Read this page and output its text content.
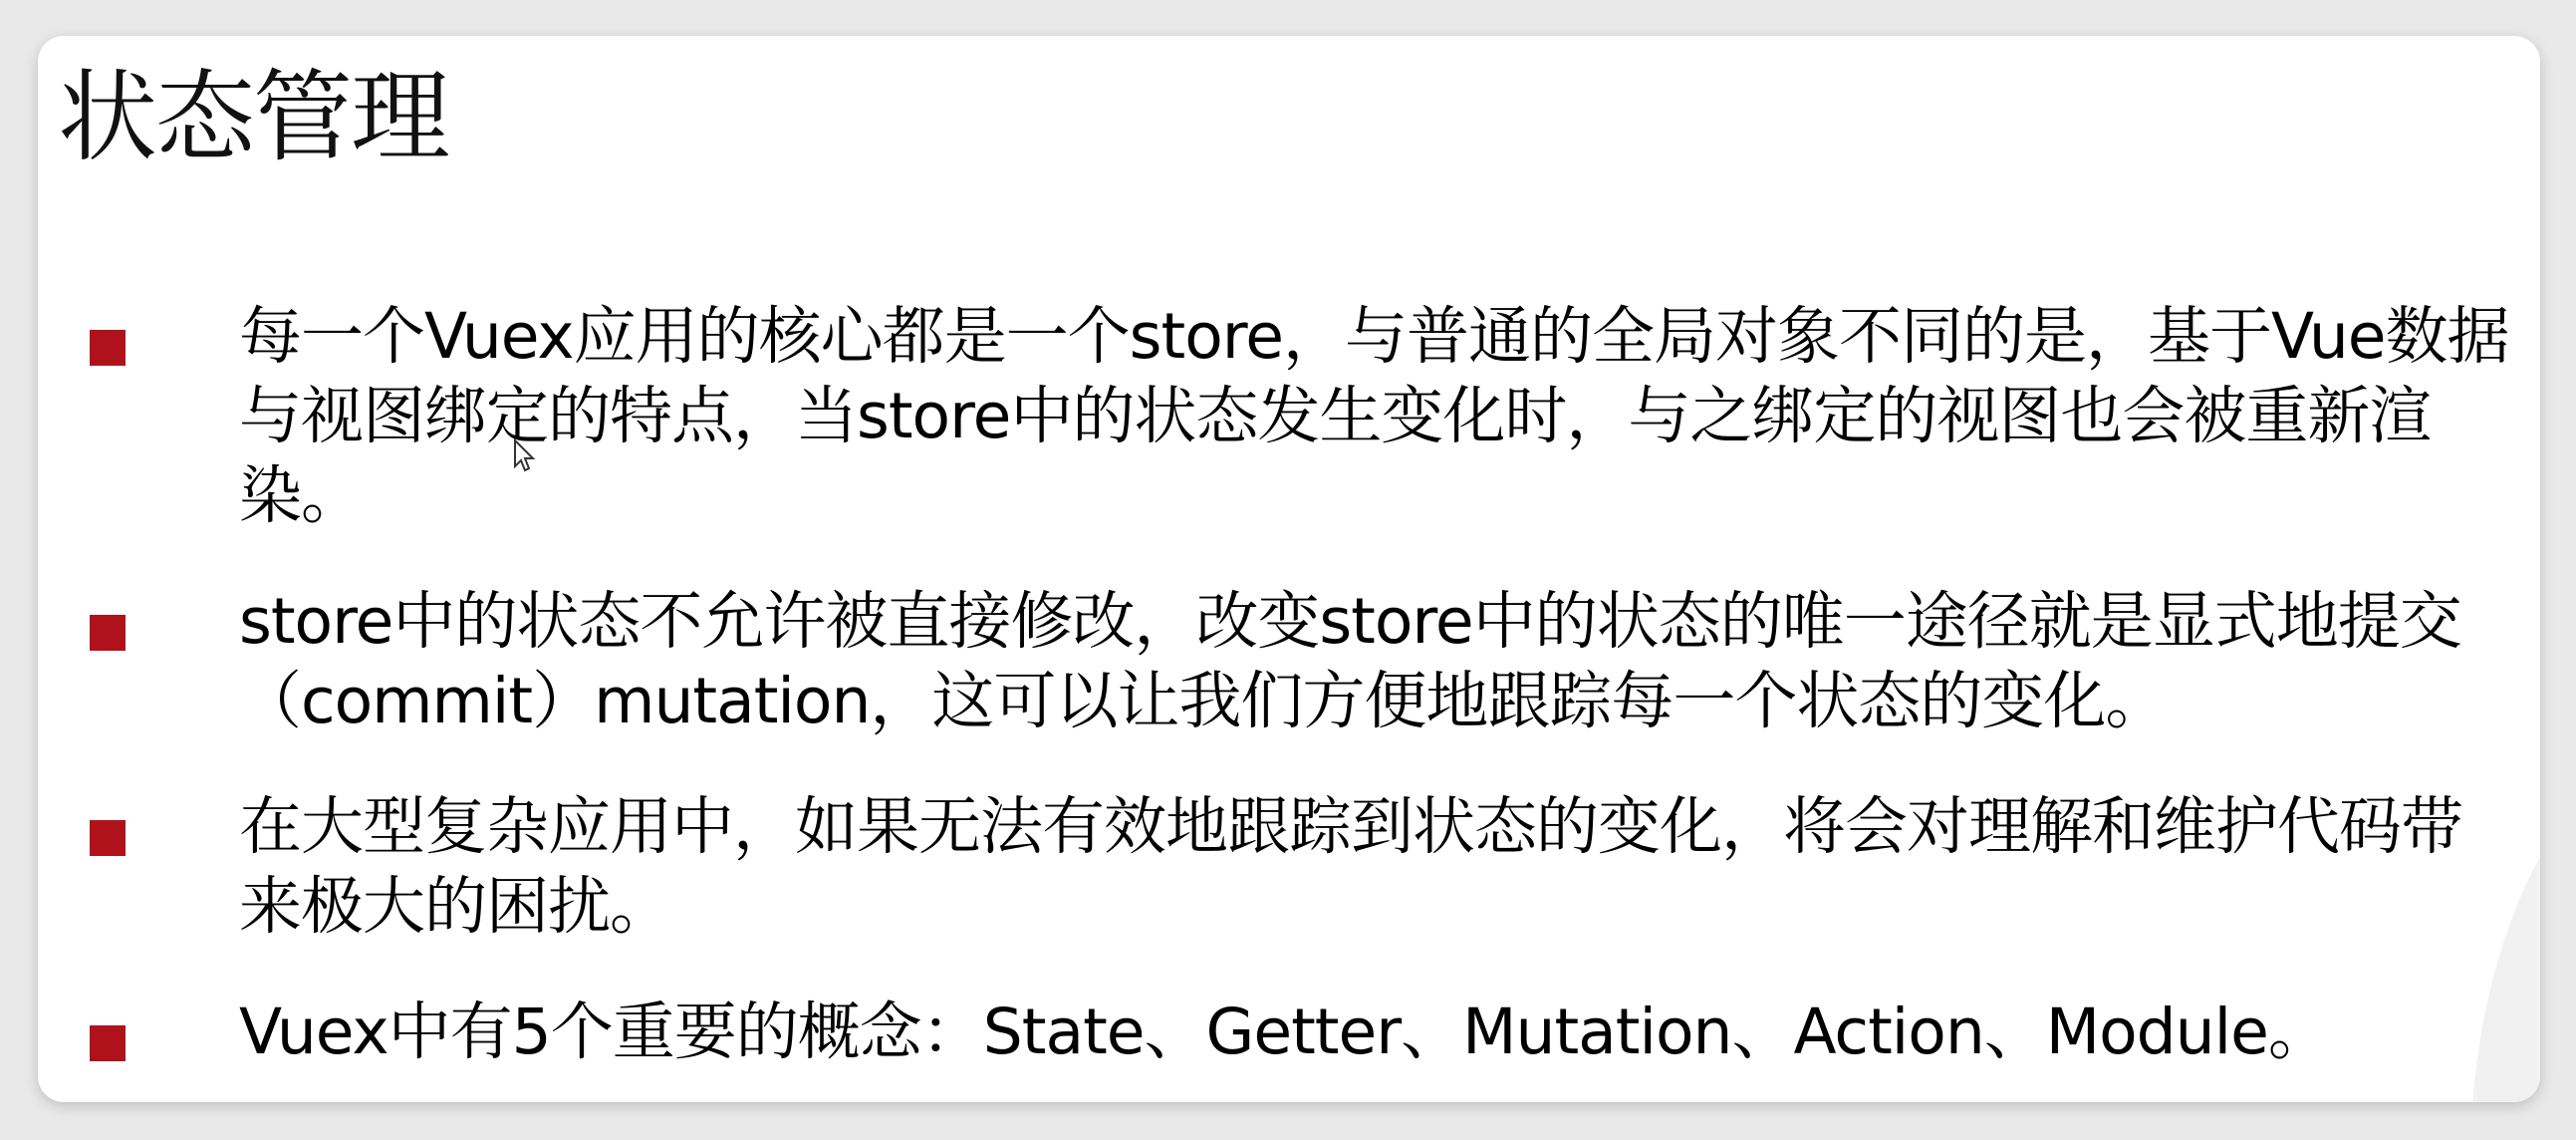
状态管理
每一个Vuex应用的核心都是一个store，与普通的全局对象不同的是，基于Vue数据与视图绑定的特点，当store中的状态发生变化时，与之绑定的视图也会被重新渲染。
store中的状态不允许被直接修改，改变store中的状态的唯一途径就是显式地提交（commit）mutation，这可以让我们方便地跟踪每一个状态的变化。
在大型复杂应用中，如果无法有效地跟踪到状态的变化，将会对理解和维护代码带来极大的困扰。
Vuex中有5个重要的概念：State、Getter、Mutation、Action、Module。
